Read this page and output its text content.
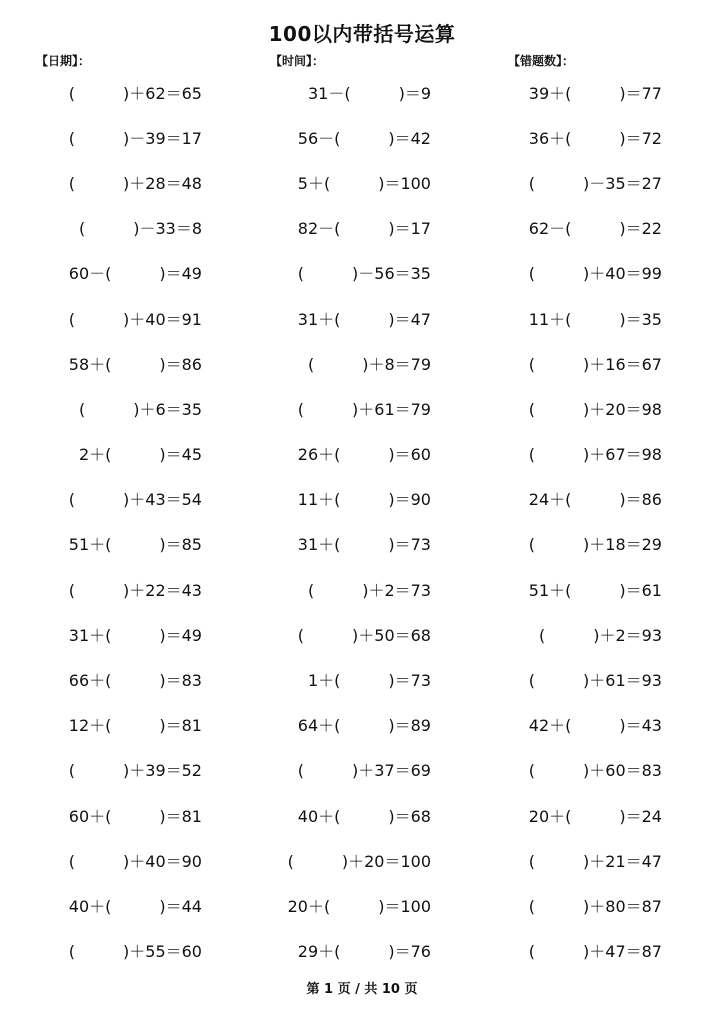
100以内带括号运算
【日期】：	【时间】：	【错题数】：
(　　　)＋62＝65	31－(　　　)＝9	39＋(　　　)＝77
(　　　)－39＝17	56－(　　　)＝42	36＋(　　　)＝72
(　　　)＋28＝48	5＋(　　　)＝100	(　　　)－35＝27
(　　　)－33＝8	82－(　　　)＝17	62－(　　　)＝22
60－(　　　)＝49	(　　　)－56＝35	(　　　)＋40＝99
(　　　)＋40＝91	31＋(　　　)＝47	11＋(　　　)＝35
58＋(　　　)＝86	(　　　)＋8＝79	(　　　)＋16＝67
(　　　)＋6＝35	(　　　)＋61＝79	(　　　)＋20＝98
2＋(　　　)＝45	26＋(　　　)＝60	(　　　)＋67＝98
(　　　)＋43＝54	11＋(　　　)＝90	24＋(　　　)＝86
51＋(　　　)＝85	31＋(　　　)＝73	(　　　)＋18＝29
(　　　)＋22＝43	(　　　)＋2＝73	51＋(　　　)＝61
31＋(　　　)＝49	(　　　)＋50＝68	(　　　)＋2＝93
66＋(　　　)＝83	1＋(　　　)＝73	(　　　)＋61＝93
12＋(　　　)＝81	64＋(　　　)＝89	42＋(　　　)＝43
(　　　)＋39＝52	(　　　)＋37＝69	(　　　)＋60＝83
60＋(　　　)＝81	40＋(　　　)＝68	20＋(　　　)＝24
(　　　)＋40＝90	(　　　)＋20＝100	(　　　)＋21＝47
40＋(　　　)＝44	20＋(　　　)＝100	(　　　)＋80＝87
(　　　)＋55＝60	29＋(　　　)＝76	(　　　)＋47＝87
第 1 页 / 共 10 页
